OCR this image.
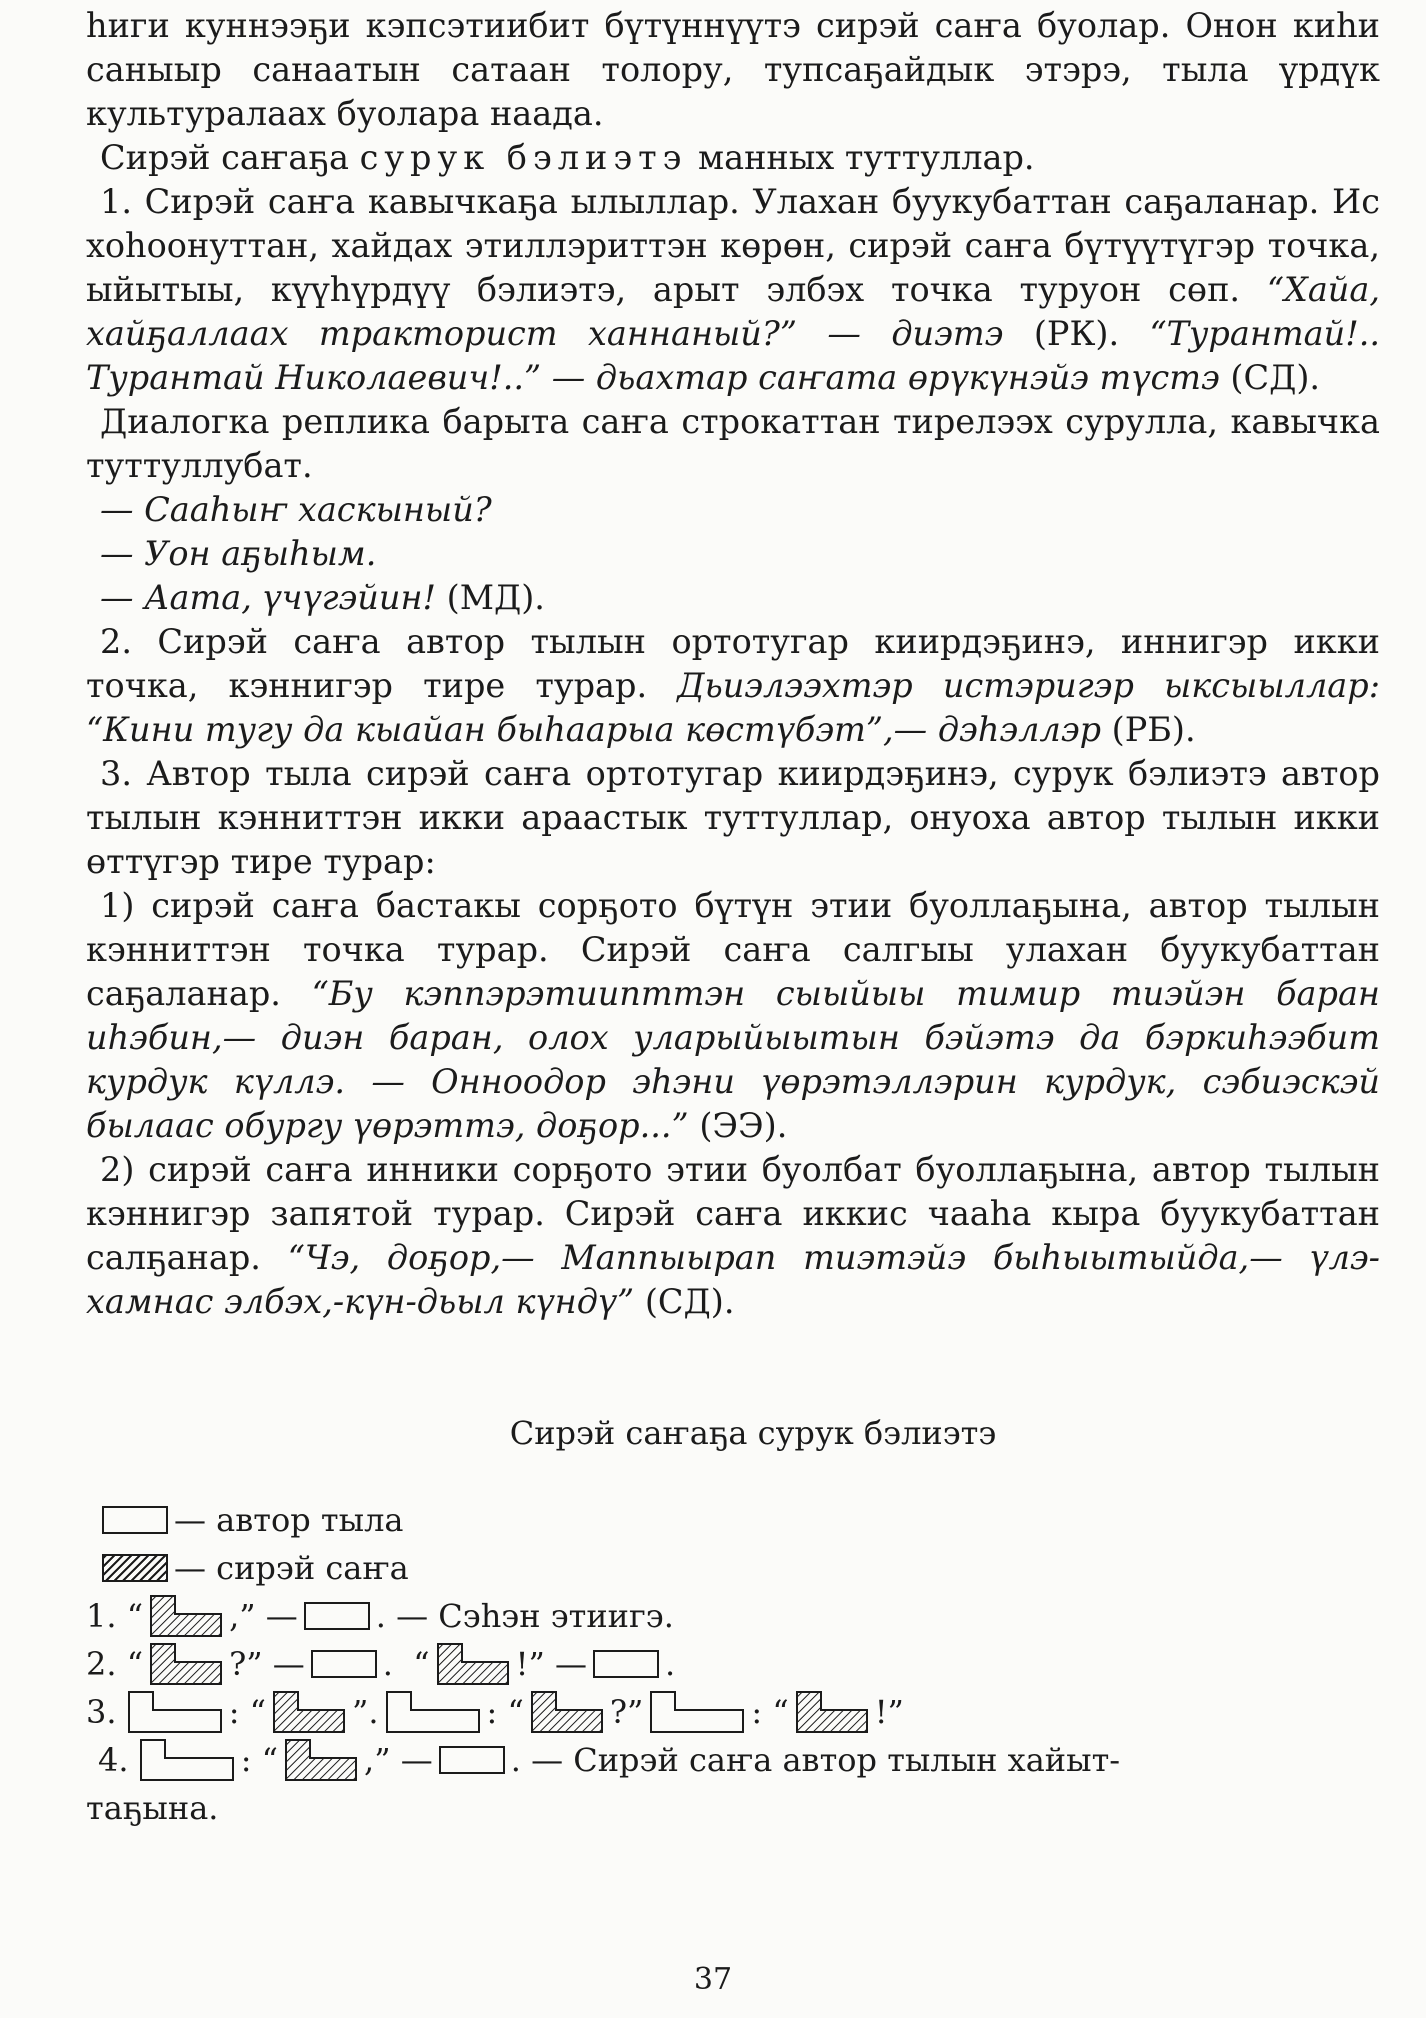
hиги куннээҕи кэпсэтиибит бүтүннүүтэ сирэй саҥа буолар. Онон киhи саныыр санаатын сатаан толору, тупсаҕайдык этэрэ, тыла үрдүк культуралаах буолара наада.

Сирэй саҥаҕа сурук бэлиэтэ манных туттуллар.

1. Сирэй саҥа кавычкаҕа ылыллар. Улахан буукубаттан саҕаланар. Ис хоhоонуттан, хайдах этиллэриттэн көрөн, сирэй саҥа бүтүүтүгэр точка, ыйытыы, күүhүрдүү бэлиэтэ, арыт элбэх точка туруон сөп. “Хайа, хайҕаллаах тракторист ханнаный?” — диэтэ (РК). “Турантай!.. Турантай Николаевич!..” — дьахтар саҥата өрүкүнэйэ түстэ (СД).

Диалогка реплика барыта саҥа строкаттан тирелээх сурулла, кавычка туттуллубат.

— Сааhыҥ хаскыный?

— Уон аҕыhым.

— Аата, үчүгэйин! (МД).

2. Сирэй саҥа автор тылын ортотугар киирдэҕинэ, иннигэр икки точка, кэннигэр тире турар. Дьиэлээхтэр истэригэр ыксыыллар: “Кини тугу да кыайан быhаарыа көстүбэт”,— дэhэллэр (РБ).

3. Автор тыла сирэй саҥа ортотугар киирдэҕинэ, сурук бэлиэтэ автор тылын кэнниттэн икки араастык туттуллар, онуоха автор тылын икки өттүгэр тире турар:

1) сирэй саҥа бастакы сорҕото бүтүн этии буоллаҕына, автор тылын кэнниттэн точка турар. Сирэй саҥа салгыы улахан буукубаттан саҕаланар. “Бу кэппэрэтиипттэн сыыйыы тимир тиэйэн баран иhэбин,— диэн баран, олох уларыйыытын бэйэтэ да бэркиhээбит курдук күллэ. — Онноодор эhэни үөрэтэллэрин курдук, сэбиэскэй былаас обургу үөрэттэ, доҕор...” (ЭЭ).

2) сирэй саҥа инники сорҕото этии буолбат буоллаҕына, автор тылын кэннигэр запятой турар. Сирэй саҥа иккис чааhа кыра буукубаттан салҕанар. “Чэ, доҕор,— Маппыырап тиэтэйэ быhыытыйда,— үлэ-хамнас элбэх,-күн-дьыл күндү” (СД).

Сирэй саҥаҕа сурук бэлиэтэ
— автор тыла
— сирэй саҥа
1.
“	,” — . — Сэhэн этиигэ.
2.
“	?” — .  “	!” — .
3.
	: “	”.	: “	?”	: “	!”
4.
	: “	,” — . — Сирэй саҥа автор тылын хайыт-
таҕына.
37
